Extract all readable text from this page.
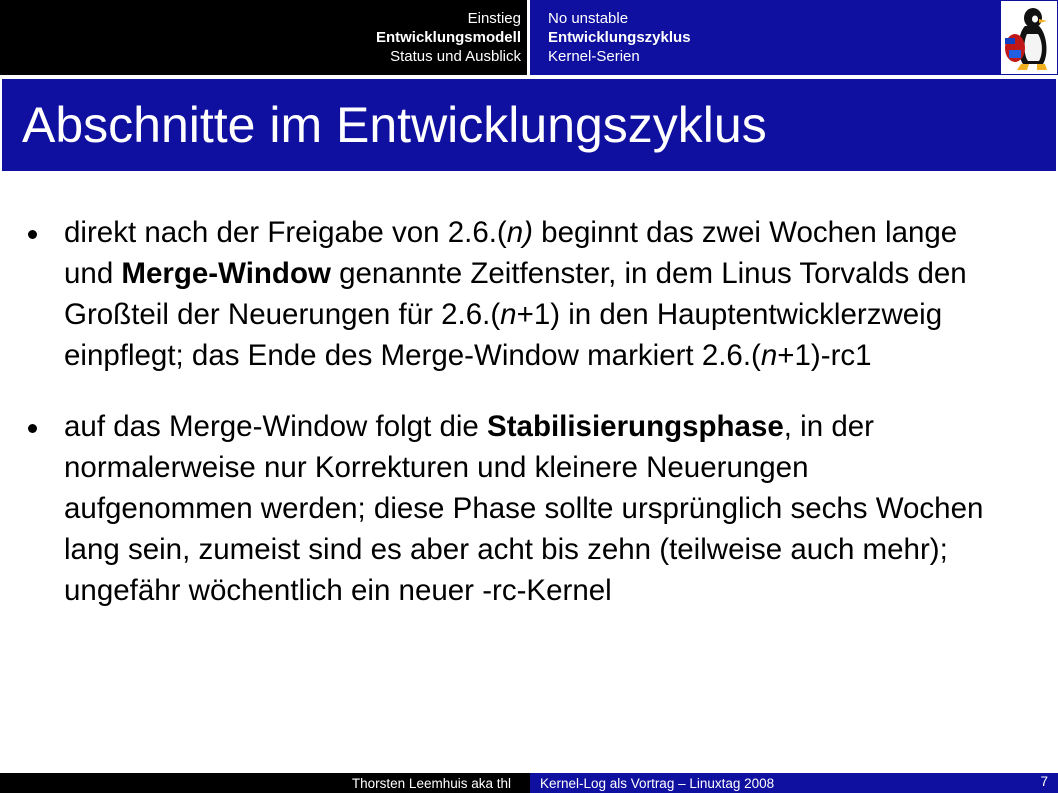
Einstieg
Entwicklungsmodell
Status und Ausblick
No unstable
Entwicklungszyklus
Kernel-Serien
Abschnitte im Entwicklungszyklus
direkt nach der Freigabe von 2.6.(n) beginnt das zwei Wochen lange und Merge-Window genannte Zeitfenster, in dem Linus Torvalds den Großteil der Neuerungen für 2.6.(n+1) in den Hauptentwicklerzweig einpflegt; das Ende des Merge-Window markiert 2.6.(n+1)-rc1
auf das Merge-Window folgt die Stabilisierungsphase, in der normalerweise nur Korrekturen und kleinere Neuerungen aufgenommen werden; diese Phase sollte ursprünglich sechs Wochen lang sein, zumeist sind es aber acht bis zehn (teilweise auch mehr); ungefähr wöchentlich ein neuer -rc-Kernel
Thorsten Leemhuis aka thl	Kernel-Log als Vortrag – Linuxtag 2008	7
